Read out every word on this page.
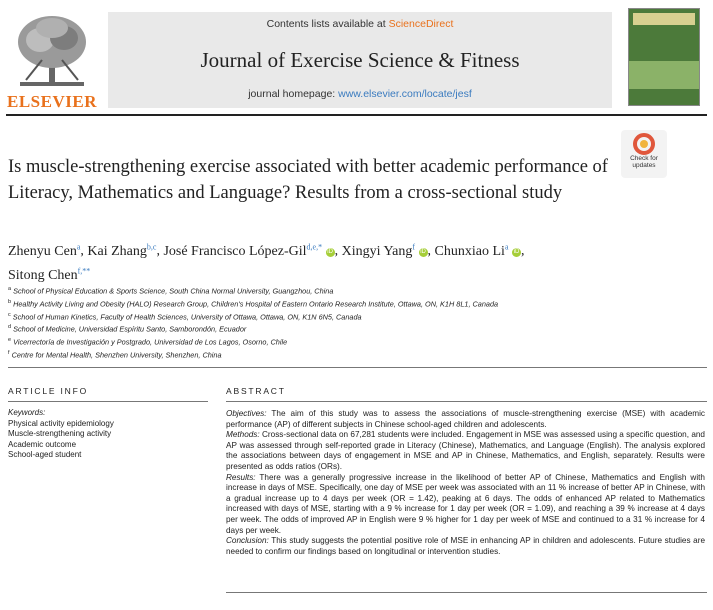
ELSEVIER
Contents lists available at ScienceDirect
Journal of Exercise Science & Fitness
journal homepage: www.elsevier.com/locate/jesf
Check for
updates
Is muscle-strengthening exercise associated with better academic performance of Literacy, Mathematics and Language? Results from a cross-sectional study
Zhenyu Cen$^a$, Kai Zhang$^{b,c}$, José Francisco López-Gil$^{d,e,*}$ iD , Xingyi Yang$^f$ iD , Chunxiao Li$^a$ iD ,
Sitong Chen$^{f,**}$
$^a$ School of Physical Education & Sports Science, South China Normal University, Guangzhou, China
$^b$ Healthy Activity Living and Obesity (HALO) Research Group, Children's Hospital of Eastern Ontario Research Institute, Ottawa, ON, K1H 8L1, Canada
$^c$ School of Human Kinetics, Faculty of Health Sciences, University of Ottawa, Ottawa, ON, K1N 6N5, Canada
$^d$ School of Medicine, Universidad Espíritu Santo, Samborondón, Ecuador
$^e$ Vicerrectoría de Investigación y Postgrado, Universidad de Los Lagos, Osorno, Chile
$^f$ Centre for Mental Health, Shenzhen University, Shenzhen, China
ARTICLE INFO	ABSTRACT
Keywords:
Physical activity epidemiology
Muscle-strengthening activity
Academic outcome
School-aged student

Objectives: The aim of this study was to assess the associations of muscle-strengthening exercise (MSE) with academic performance (AP) of different subjects in Chinese school-aged children and adolescents.

Methods: Cross-sectional data on 67,281 students were included. Engagement in MSE was assessed using a specific question, and AP was assessed through self-reported grade in Literacy (Chinese), Mathematics, and Language (English). The analysis explored the associations between days of engagement in MSE and AP in Chinese, Mathematics, and English, separately. Results were presented as odds ratios (ORs).

Results: There was a generally progressive increase in the likelihood of better AP of Chinese, Mathematics and English with increase in days of MSE. Specifically, one day of MSE per week was associated with an 11 % increase of better AP in Chinese, with a gradual increase up to 4 days per week (OR = 1.42), peaking at 6 days. The odds of enhanced AP related to Mathematics increased with days of MSE, starting with a 9 % increase for 1 day per week (OR = 1.09), and reaching a 39 % increase at 4 days per week. The odds of improved AP in English were 9 % higher for 1 day per week of MSE and continued to a 31 % increase for 4 days per week.

Conclusion: This study suggests the potential positive role of MSE in enhancing AP in children and adolescents. Future studies are needed to confirm our findings based on longitudinal or intervention studies.
